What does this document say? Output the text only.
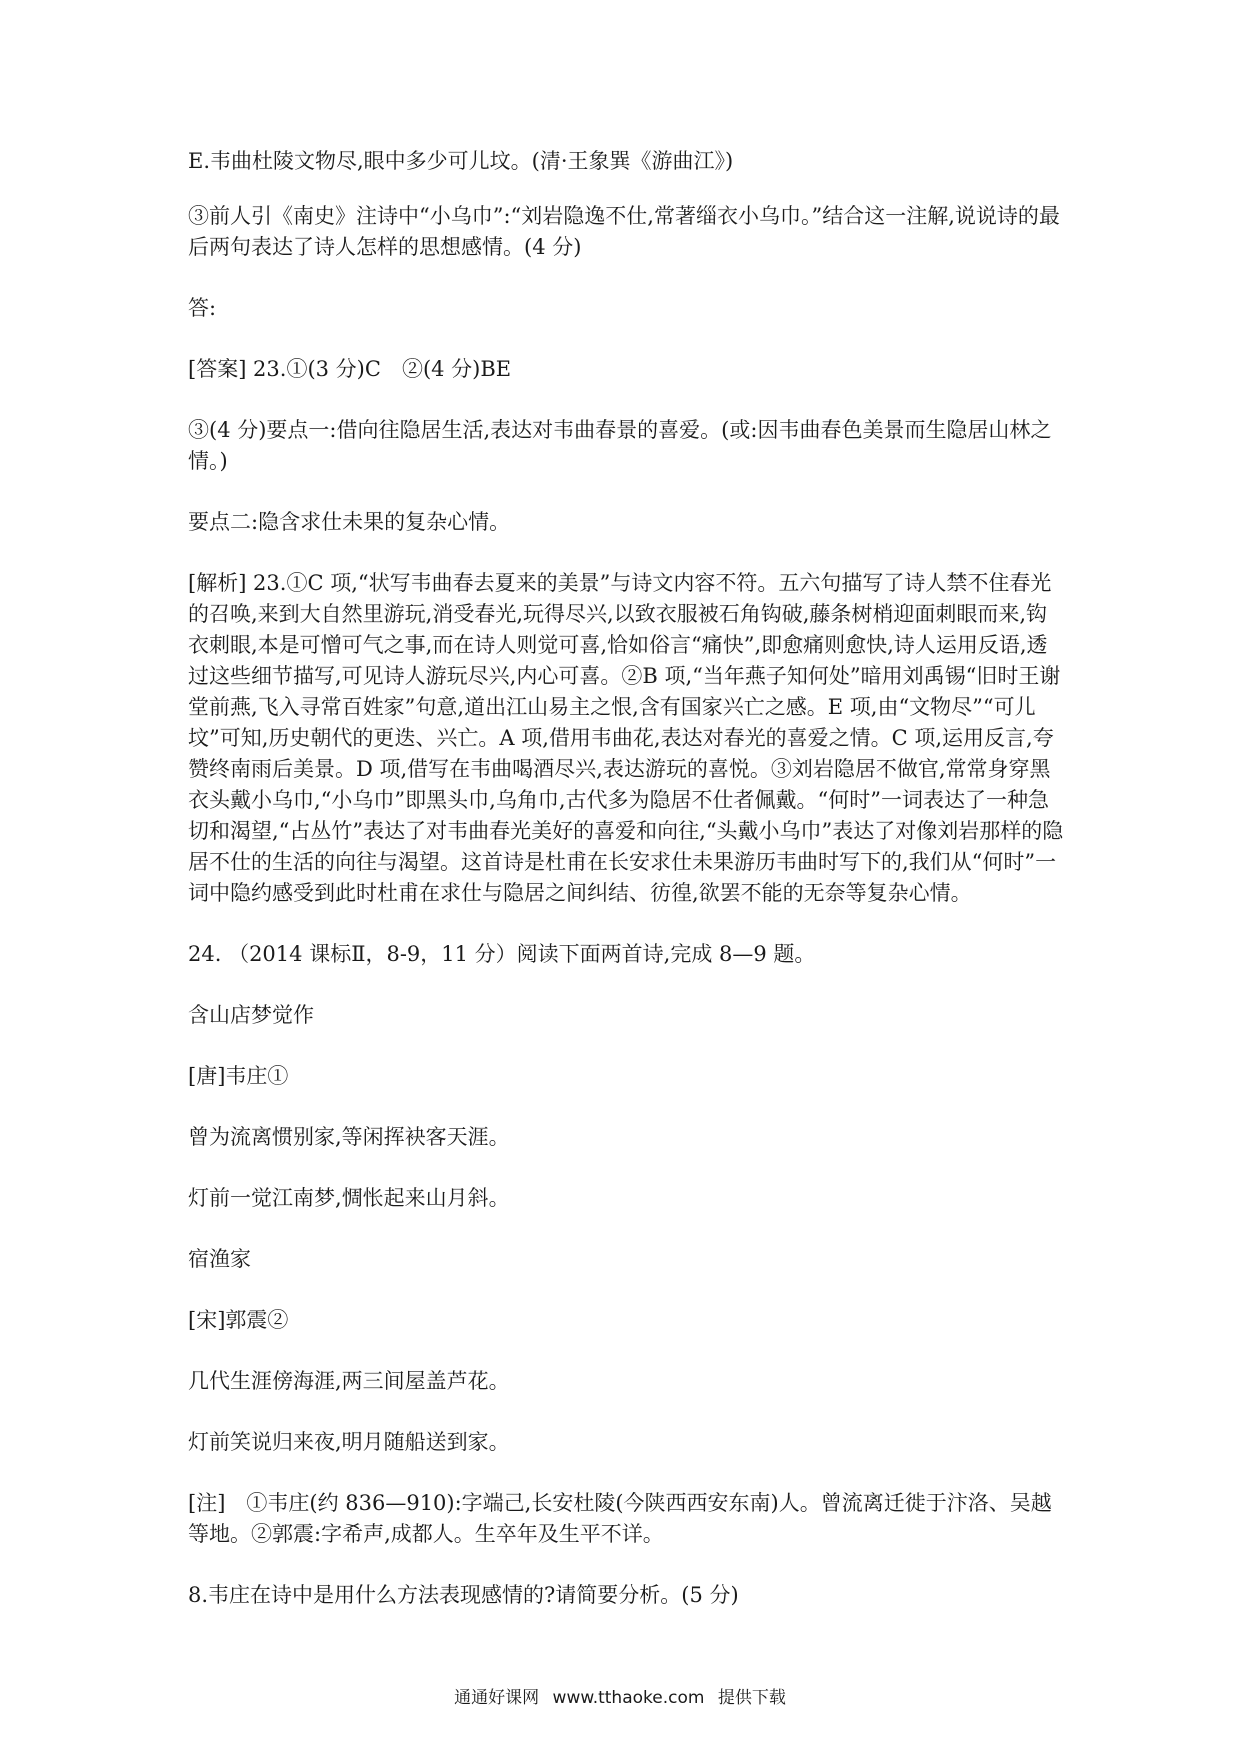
E.韦曲杜陵文物尽,眼中多少可儿坟。(清·王象巽《游曲江》)

③前人引《南史》注诗中“小乌巾”:“刘岩隐逸不仕,常著缁衣小乌巾。”结合这一注解,说说诗的最后两句表达了诗人怎样的思想感情。(4 分)

答:

[答案] 23.①(3 分)C　②(4 分)BE

③(4 分)要点一:借向往隐居生活,表达对韦曲春景的喜爱。(或:因韦曲春色美景而生隐居山林之情。)

要点二:隐含求仕未果的复杂心情。

[解析] 23.①C 项,“状写韦曲春去夏来的美景”与诗文内容不符。五六句描写了诗人禁不住春光的召唤,来到大自然里游玩,消受春光,玩得尽兴,以致衣服被石角钩破,藤条树梢迎面刺眼而来,钩衣刺眼,本是可憎可气之事,而在诗人则觉可喜,恰如俗言“痛快”,即愈痛则愈快,诗人运用反语,透过这些细节描写,可见诗人游玩尽兴,内心可喜。②B 项,“当年燕子知何处”暗用刘禹锡“旧时王谢堂前燕,飞入寻常百姓家”句意,道出江山易主之恨,含有国家兴亡之感。E 项,由“文物尽”“可儿坟”可知,历史朝代的更迭、兴亡。A 项,借用韦曲花,表达对春光的喜爱之情。C 项,运用反言,夸赞终南雨后美景。D 项,借写在韦曲喝酒尽兴,表达游玩的喜悦。③刘岩隐居不做官,常常身穿黑衣头戴小乌巾,“小乌巾”即黑头巾,乌角巾,古代多为隐居不仕者佩戴。“何时”一词表达了一种急切和渴望,“占丛竹”表达了对韦曲春光美好的喜爱和向往,“头戴小乌巾”表达了对像刘岩那样的隐居不仕的生活的向往与渴望。这首诗是杜甫在长安求仕未果游历韦曲时写下的,我们从“何时”一词中隐约感受到此时杜甫在求仕与隐居之间纠结、彷徨,欲罢不能的无奈等复杂心情。

24. （2014 课标Ⅱ，8-9，11 分）阅读下面两首诗,完成 8—9 题。

含山店梦觉作

[唐]韦庄①

曾为流离惯别家,等闲挥袂客天涯。

灯前一觉江南梦,惆怅起来山月斜。

宿渔家

[宋]郭震②

几代生涯傍海涯,两三间屋盖芦花。

灯前笑说归来夜,明月随船送到家。

[注]　①韦庄(约 836—910):字端己,长安杜陵(今陕西西安东南)人。曾流离迁徙于汴洛、吴越等地。②郭震:字希声,成都人。生卒年及生平不详。

8.韦庄在诗中是用什么方法表现感情的?请简要分析。(5 分)

通通好课网 www.tthaoke.com 提供下载
